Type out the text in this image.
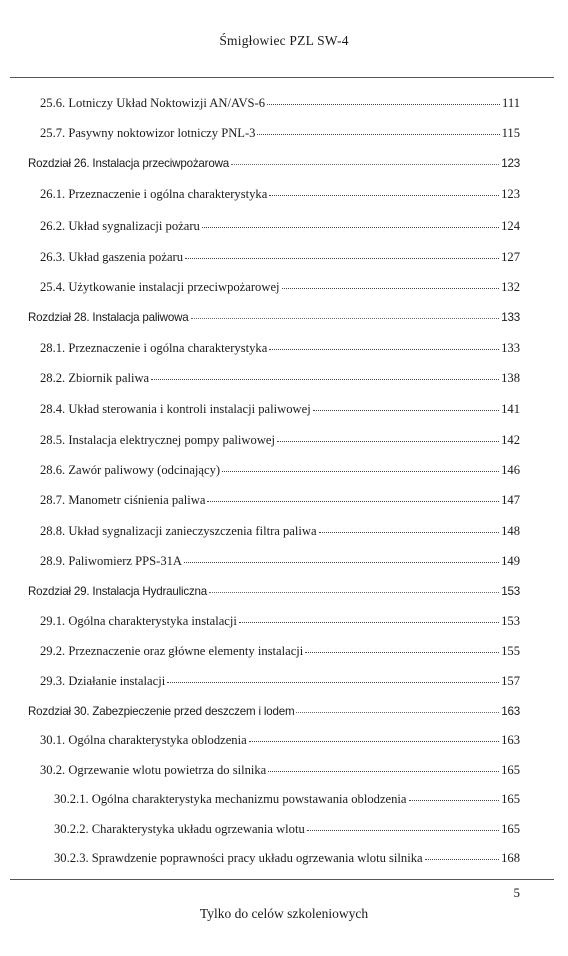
Śmigłowiec PZL SW-4
25.6. Lotniczy Układ Noktowizji AN/AVS-6	111
25.7. Pasywny noktowizor lotniczy PNL-3	115
Rozdział 26. Instalacja przeciwpożarowa	123
26.1. Przeznaczenie i ogólna charakterystyka	123
26.2. Układ sygnalizacji pożaru	124
26.3. Układ gaszenia pożaru	127
25.4. Użytkowanie instalacji przeciwpożarowej	132
Rozdział 28. Instalacja paliwowa	133
28.1. Przeznaczenie i ogólna charakterystyka	133
28.2. Zbiornik paliwa	138
28.4. Układ sterowania i kontroli instalacji paliwowej	141
28.5. Instalacja elektrycznej pompy paliwowej	142
28.6. Zawór paliwowy (odcinający)	146
28.7. Manometr ciśnienia paliwa	147
28.8. Układ sygnalizacji zanieczyszczenia filtra paliwa	148
28.9. Paliwomierz PPS-31A	149
Rozdział 29. Instalacja Hydrauliczna	153
29.1. Ogólna charakterystyka instalacji	153
29.2. Przeznaczenie oraz główne elementy instalacji	155
29.3. Działanie instalacji	157
Rozdział 30. Zabezpieczenie przed deszczem i lodem	163
30.1. Ogólna charakterystyka oblodzenia	163
30.2. Ogrzewanie wlotu powietrza do silnika	165
30.2.1. Ogólna charakterystyka mechanizmu powstawania oblodzenia	165
30.2.2. Charakterystyka układu ogrzewania wlotu	165
30.2.3. Sprawdzenie poprawności pracy układu ogrzewania wlotu silnika	168
5
Tylko do celów szkoleniowych
